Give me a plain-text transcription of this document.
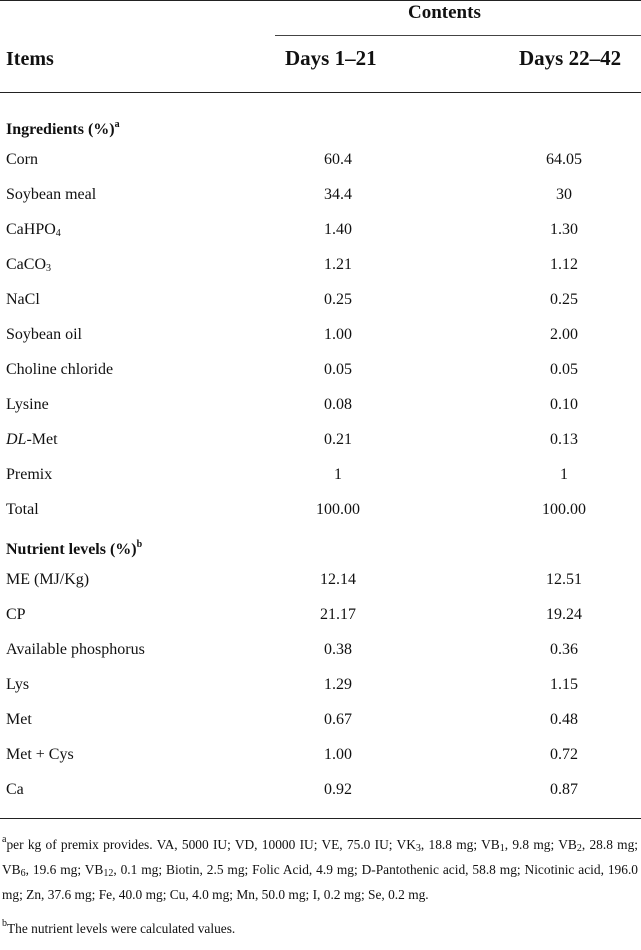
Contents
Items	Days 1–21	Days 22–42
Ingredients (%)$^a$
Corn	60.4	64.05
Soybean meal	34.4	30
CaHPO$_4$	1.40	1.30
CaCO$_3$	1.21	1.12
NaCl	0.25	0.25
Soybean oil	1.00	2.00
Choline chloride	0.05	0.05
Lysine	0.08	0.10
DL-Met	0.21	0.13
Premix	1	1
Total	100.00	100.00
Nutrient levels (%)$^b$
ME (MJ/Kg)	12.14	12.51
CP	21.17	19.24
Available phosphorus	0.38	0.36
Lys	1.29	1.15
Met	0.67	0.48
Met + Cys	1.00	0.72
Ca	0.92	0.87
$^a$per kg of premix provides. VA, 5000 IU; VD, 10000 IU; VE, 75.0 IU; $VK_3$, 18.8 mg; $VB_1$, 9.8 mg; $VB_2$, 28.8 mg; $VB_6$, 19.6 mg; $VB_{12}$, 0.1 mg; Biotin, 2.5 mg; Folic Acid, 4.9 mg; D-Pantothenic acid, 58.8 mg; Nicotinic acid, 196.0 mg; Zn, 37.6 mg; Fe, 40.0 mg; Cu, 4.0 mg; Mn, 50.0 mg; I, 0.2 mg; Se, 0.2 mg.
$^b$The nutrient levels were calculated values.
